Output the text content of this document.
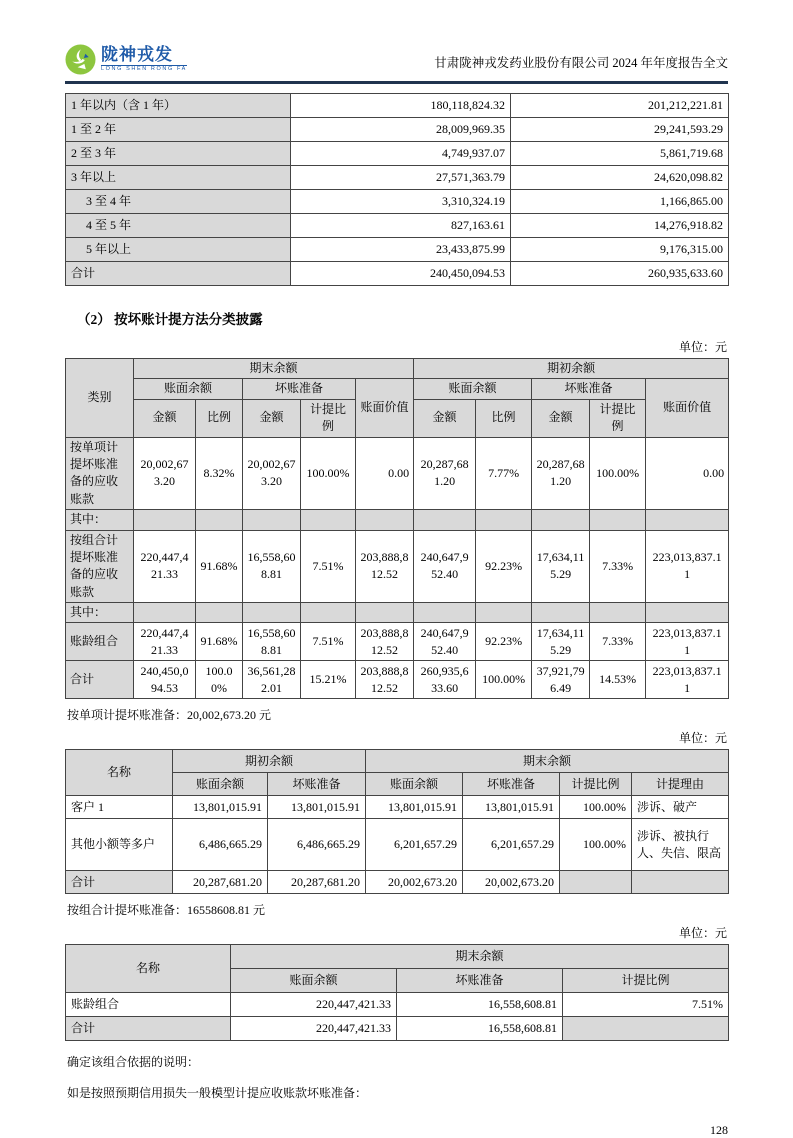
陇神戎发
LONG SHEN RONG FA	甘肃陇神戎发药业股份有限公司 2024 年年度报告全文
1 年以内（含 1 年）	180,118,824.32	201,212,221.81
1 至 2 年	28,009,969.35	29,241,593.29
2 至 3 年	4,749,937.07	5,861,719.68
3 年以上	27,571,363.79	24,620,098.82
3 至 4 年	3,310,324.19	1,166,865.00
4 至 5 年	827,163.61	14,276,918.82
5 年以上	23,433,875.99	9,176,315.00
合计	240,450,094.53	260,935,633.60
（2） 按坏账计提方法分类披露
单位：元
类别	期末余额					期初余额				
	账面余额		坏账准备		账面价值	账面余额		坏账准备		账面价值
	金额	比例	金额	计提比例		金额	比例	金额	计提比例	
按单项计提坏账准备的应收账款	20,002,673.20	8.32%	20,002,673.20	100.00%	0.00	20,287,681.20	7.77%	20,287,681.20	100.00%	0.00
其中：										
按组合计提坏账准备的应收账款	220,447,421.33	91.68%	16,558,608.81	7.51%	203,888,812.52	240,647,952.40	92.23%	17,634,115.29	7.33%	223,013,837.11
其中：										
账龄组合	220,447,421.33	91.68%	16,558,608.81	7.51%	203,888,812.52	240,647,952.40	92.23%	17,634,115.29	7.33%	223,013,837.11
合计	240,450,094.53	100.00%	36,561,282.01	15.21%	203,888,812.52	260,935,633.60	100.00%	37,921,796.49	14.53%	223,013,837.11
按单项计提坏账准备：20,002,673.20 元
单位：元
名称	期初余额		期末余额			
	账面余额	坏账准备	账面余额	坏账准备	计提比例	计提理由
客户 1	13,801,015.91	13,801,015.91	13,801,015.91	13,801,015.91	100.00%	涉诉、破产
其他小额等多户	6,486,665.29	6,486,665.29	6,201,657.29	6,201,657.29	100.00%	涉诉、被执行人、失信、限高
合计	20,287,681.20	20,287,681.20	20,002,673.20	20,002,673.20		
按组合计提坏账准备：16558608.81 元
单位：元
名称	期末余额		
	账面余额	坏账准备	计提比例
账龄组合	220,447,421.33	16,558,608.81	7.51%
合计	220,447,421.33	16,558,608.81	
确定该组合依据的说明：
如是按照预期信用损失一般模型计提应收账款坏账准备：
128
